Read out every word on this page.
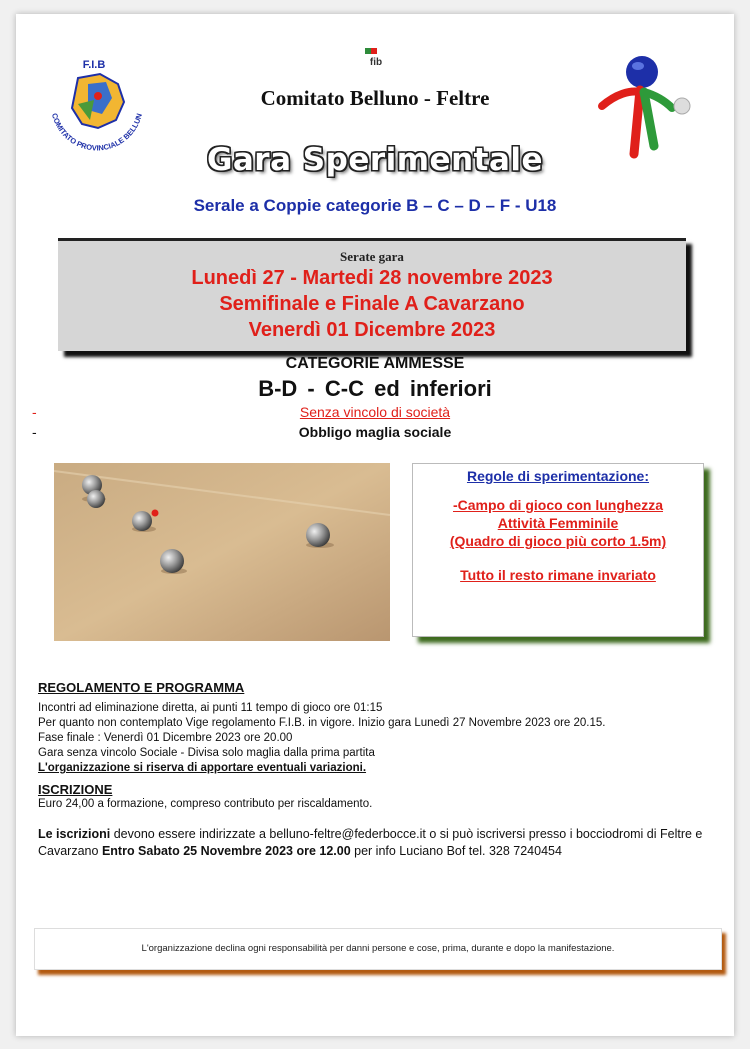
F.I.B
COMITATO PROVINCIALE BELLUN
fib
Comitato Belluno - Feltre
Gara Sperimentale
Serale a Coppie categorie B – C – D – F - U18
Serate gara
Lunedì 27 - Martedi 28 novembre 2023
Semifinale e Finale A Cavarzano
Venerdì 01 Dicembre 2023
CATEGORIE AMMESSE
B-D - C-C ed inferiori
-
-
Senza vincolo di società
Obbligo maglia sociale
Regole di sperimentazione:
-Campo di gioco con lunghezza
Attività Femminile
(Quadro di gioco più corto 1.5m)
Tutto il resto rimane invariato
REGOLAMENTO E PROGRAMMA
Incontri ad eliminazione diretta, ai punti 11 tempo di gioco ore 01:15
Per quanto non contemplato Vige regolamento F.I.B. in vigore. Inizio gara Lunedì 27 Novembre 2023 ore 20.15.
Fase finale : Venerdì 01 Dicembre 2023 ore 20.00
Gara senza vincolo Sociale - Divisa solo maglia dalla prima partita
L'organizzazione si riserva di apportare eventuali variazioni.
ISCRIZIONE
Euro 24,00 a formazione, compreso contributo per riscaldamento.
Le iscrizioni devono essere indirizzate a belluno-feltre@federbocce.it o si può iscriversi presso i bocciodromi di Feltre e Cavarzano Entro Sabato 25 Novembre 2023 ore 12.00 per info Luciano Bof tel. 328 7240454
L'organizzazione declina ogni responsabilità per danni persone e cose, prima, durante e dopo la manifestazione.
